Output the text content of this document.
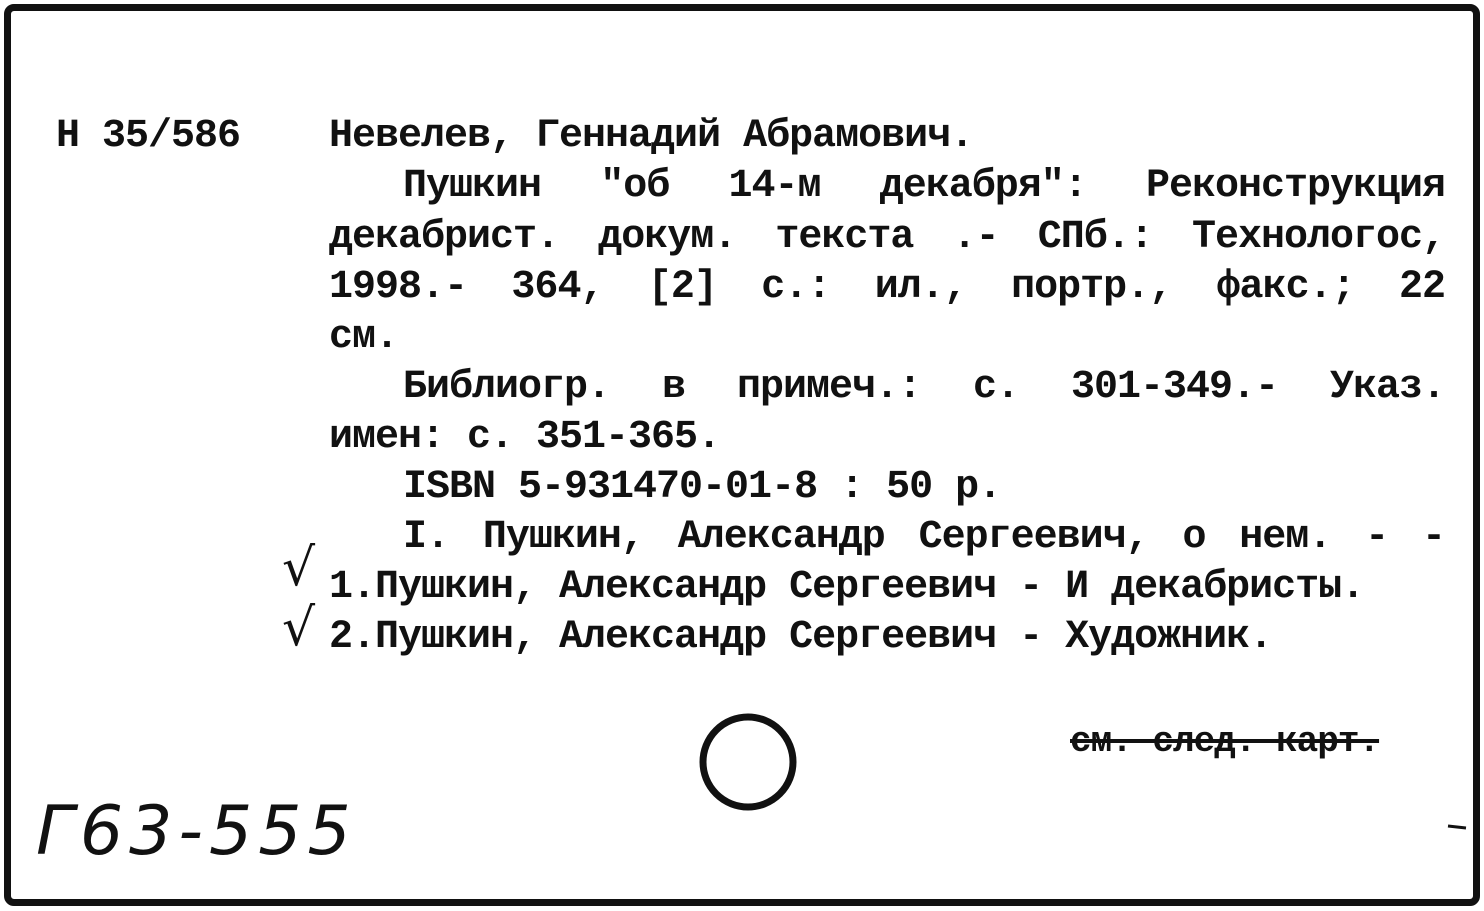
Н 35/586 Невелев, Геннадий Абрамович.
Пушкин "об 14-м декабря": Реконструкция
декабрист. докум. текста .- СПб.: Технологос,
1998.- 364, [2] с.: ил., портр., факс.; 22
см.
Библиогр. в примеч.: с. 301-349.- Указ.
имен: с. 351-365.
ISBN 5-931470-01-8 : 50 р.
I. Пушкин, Александр Сергеевич, о нем. - -
√ 1.Пушкин, Александр Сергеевич - И декабристы.
√ 2.Пушкин, Александр Сергеевич - Художник.
см. след. карт.
Г63-555
